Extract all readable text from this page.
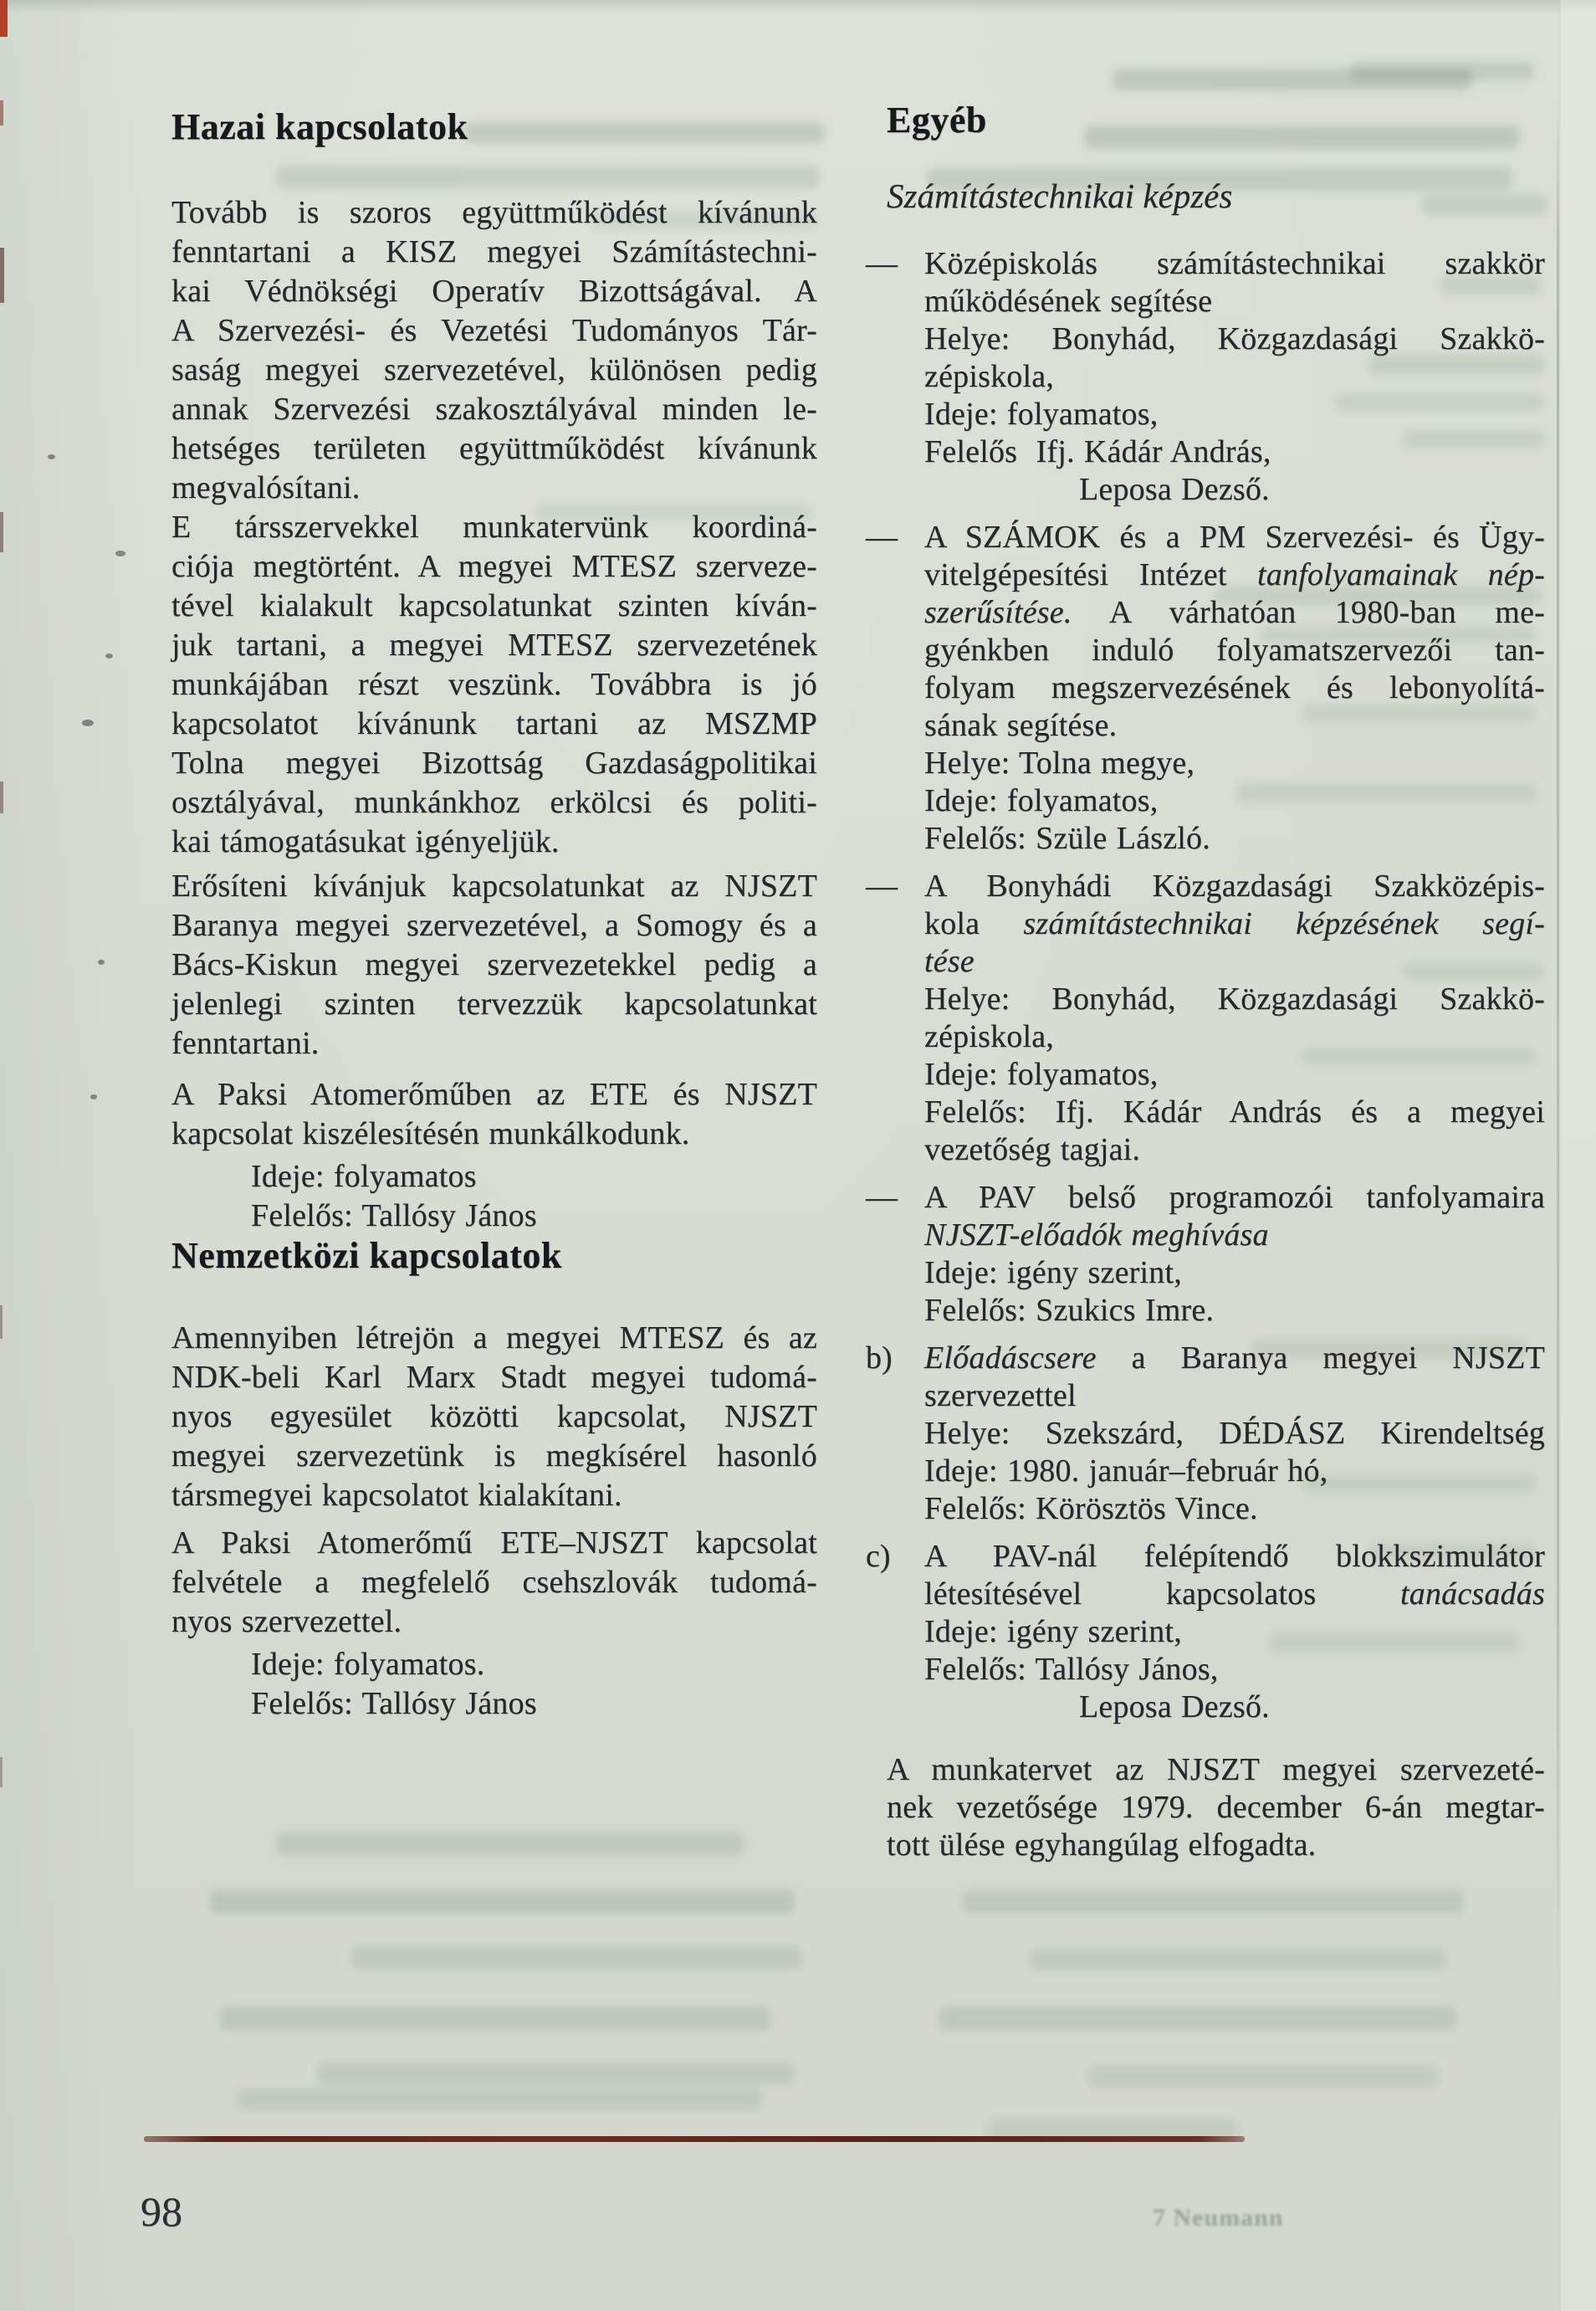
Hazai kapcsolatok
Tovább is szoros együttműködést kívánunk
fenntartani a KISZ megyei Számítástechni-
kai Védnökségi Operatív Bizottságával. A
A Szervezési- és Vezetési Tudományos Tár-
saság megyei szervezetével, különösen pedig
annak Szervezési szakosztályával minden le-
hetséges területen együttműködést kívánunk
megvalósítani.
E társszervekkel munkatervünk koordiná-
ciója megtörtént. A megyei MTESZ szerveze-
tével kialakult kapcsolatunkat szinten kíván-
juk tartani, a megyei MTESZ szervezetének
munkájában részt veszünk. Továbbra is jó
kapcsolatot kívánunk tartani az MSZMP
Tolna megyei Bizottság Gazdaságpolitikai
osztályával, munkánkhoz erkölcsi és politi-
kai támogatásukat igényeljük.
Erősíteni kívánjuk kapcsolatunkat az NJSZT
Baranya megyei szervezetével, a Somogy és a
Bács-Kiskun megyei szervezetekkel pedig a
jelenlegi szinten tervezzük kapcsolatunkat
fenntartani.
A Paksi Atomerőműben az ETE és NJSZT
kapcsolat kiszélesítésén munkálkodunk.
Ideje: folyamatos
Felelős: Tallósy János
Nemzetközi kapcsolatok
Amennyiben létrejön a megyei MTESZ és az
NDK-beli Karl Marx Stadt megyei tudomá-
nyos egyesület közötti kapcsolat, NJSZT
megyei szervezetünk is megkísérel hasonló
társmegyei kapcsolatot kialakítani.
A Paksi Atomerőmű ETE–NJSZT kapcsolat
felvétele a megfelelő csehszlovák tudomá-
nyos szervezettel.
Ideje: folyamatos.
Felelős: Tallósy János
Egyéb
Számítástechnikai képzés
— Középiskolás számítástechnikai szakkör
működésének segítése
Helye: Bonyhád, Közgazdasági Szakkö-
zépiskola,
Ideje: folyamatos,
Felelős  Ifj. Kádár András,
Leposa Dezső.
— A SZÁMOK és a PM Szervezési- és Ügy-
vitelgépesítési Intézet tanfolyamainak nép-
szerűsítése. A várhatóan 1980-ban me-
gyénkben induló folyamatszervezői tan-
folyam megszervezésének és lebonyolítá-
sának segítése.
Helye: Tolna megye,
Ideje: folyamatos,
Felelős: Szüle László.
— A Bonyhádi Közgazdasági Szakközépis-
kola számítástechnikai képzésének segí-
tése
Helye: Bonyhád, Közgazdasági Szakkö-
zépiskola,
Ideje: folyamatos,
Felelős: Ifj. Kádár András és a megyei
vezetőség tagjai.
— A PAV belső programozói tanfolyamaira
NJSZT-előadók meghívása
Ideje: igény szerint,
Felelős: Szukics Imre.
b) Előadáscsere a Baranya megyei NJSZT
szervezettel
Helye: Szekszárd, DÉDÁSZ Kirendeltség
Ideje: 1980. január–február hó,
Felelős: Körösztös Vince.
c) A PAV-nál felépítendő blokkszimulátor
létesítésével kapcsolatos tanácsadás
Ideje: igény szerint,
Felelős: Tallósy János,
Leposa Dezső.
A munkatervet az NJSZT megyei szervezeté-
nek vezetősége 1979. december 6-án megtar-
tott ülése egyhangúlag elfogadta.
98	7 Neumann
